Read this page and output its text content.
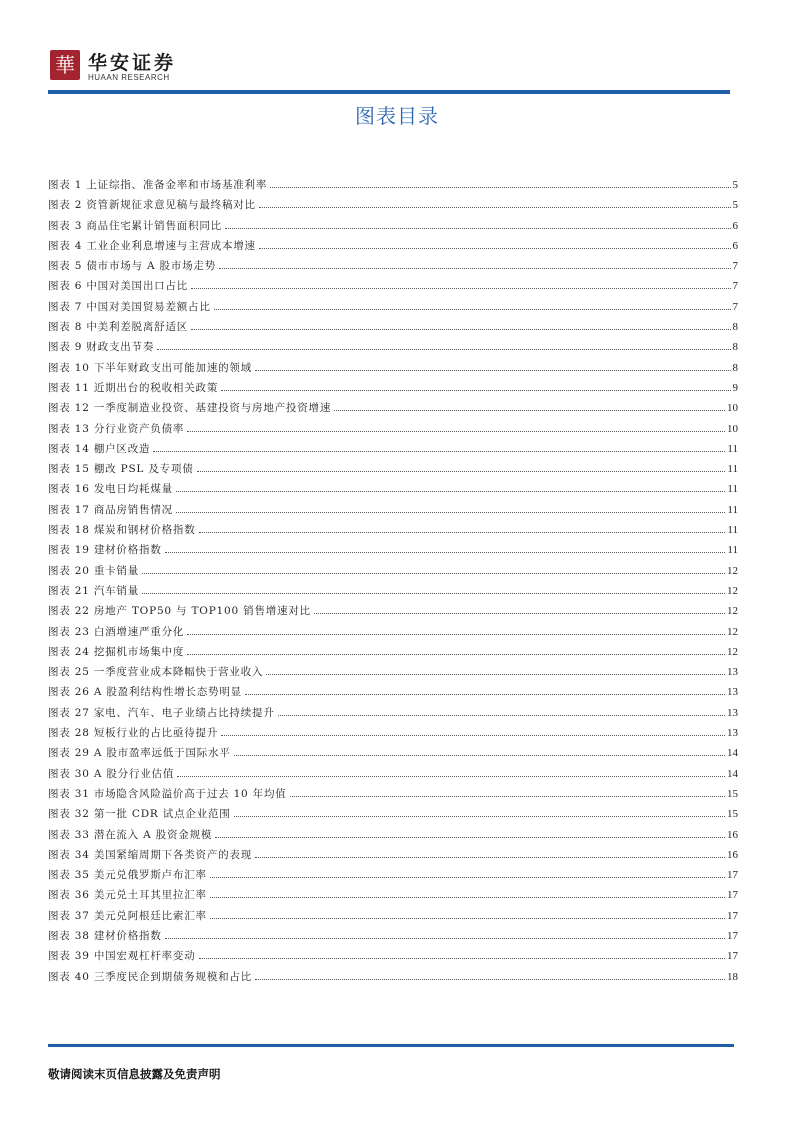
華 华安证券
HUAAN RESEARCH
图表目录
图表 1 上证综指、准备金率和市场基准利率	5
图表 2 资管新规征求意见稿与最终稿对比	5
图表 3 商品住宅累计销售面积同比	6
图表 4 工业企业利息增速与主营成本增速	6
图表 5 债市市场与 A 股市场走势	7
图表 6 中国对美国出口占比	7
图表 7 中国对美国贸易差额占比	7
图表 8 中美利差脱离舒适区	8
图表 9 财政支出节奏	8
图表 10 下半年财政支出可能加速的领域	8
图表 11 近期出台的税收相关政策	9
图表 12 一季度制造业投资、基建投资与房地产投资增速	10
图表 13 分行业资产负债率	10
图表 14 棚户区改造	11
图表 15 棚改 PSL 及专项债	11
图表 16 发电日均耗煤量	11
图表 17 商品房销售情况	11
图表 18 煤炭和钢材价格指数	11
图表 19 建材价格指数	11
图表 20 重卡销量	12
图表 21 汽车销量	12
图表 22 房地产 TOP50 与 TOP100 销售增速对比	12
图表 23 白酒增速严重分化	12
图表 24 挖掘机市场集中度	12
图表 25 一季度营业成本降幅快于营业收入	13
图表 26 A 股盈利结构性增长态势明显	13
图表 27 家电、汽车、电子业绩占比持续提升	13
图表 28 短板行业的占比亟待提升	13
图表 29 A 股市盈率远低于国际水平	14
图表 30 A 股分行业估值	14
图表 31 市场隐含风险溢价高于过去 10 年均值	15
图表 32 第一批 CDR 试点企业范围	15
图表 33 潜在流入 A 股资金规模	16
图表 34 美国紧缩周期下各类资产的表现	16
图表 35 美元兑俄罗斯卢布汇率	17
图表 36 美元兑土耳其里拉汇率	17
图表 37 美元兑阿根廷比索汇率	17
图表 38 建材价格指数	17
图表 39 中国宏观杠杆率变动	17
图表 40 三季度民企到期债务规模和占比	18
敬请阅读末页信息披露及免责声明
